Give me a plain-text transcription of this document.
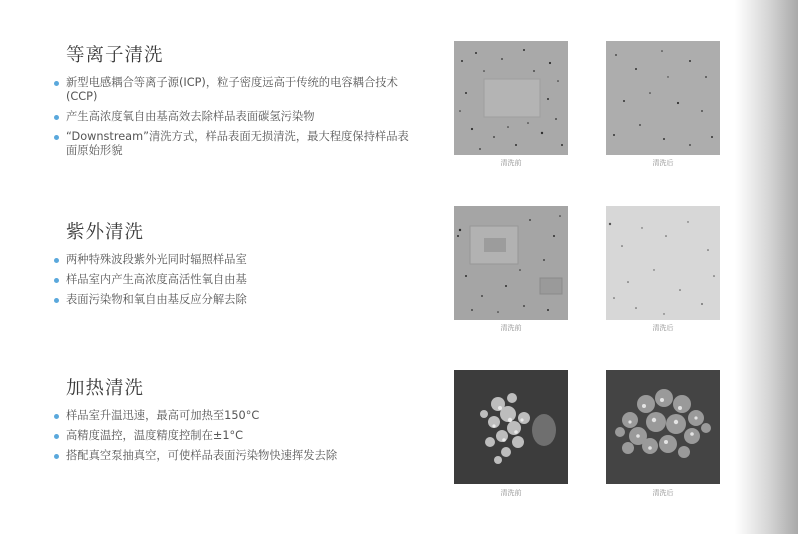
等离子清洗
新型电感耦合等离子源(ICP)，粒子密度远高于传统的电容耦合技术(CCP)
产生高浓度氧自由基高效去除样品表面碳氢污染物
“Downstream”清洗方式，样品表面无损清洗，最大程度保持样品表面原始形貌
紫外清洗
两种特殊波段紫外光同时辐照样品室
样品室内产生高浓度高活性氧自由基
表面污染物和氧自由基反应分解去除
加热清洗
样品室升温迅速，最高可加热至150°C
高精度温控，温度精度控制在±1°C
搭配真空泵抽真空，可使样品表面污染物快速挥发去除
清洗前	清洗后
清洗前	清洗后
清洗前	清洗后
